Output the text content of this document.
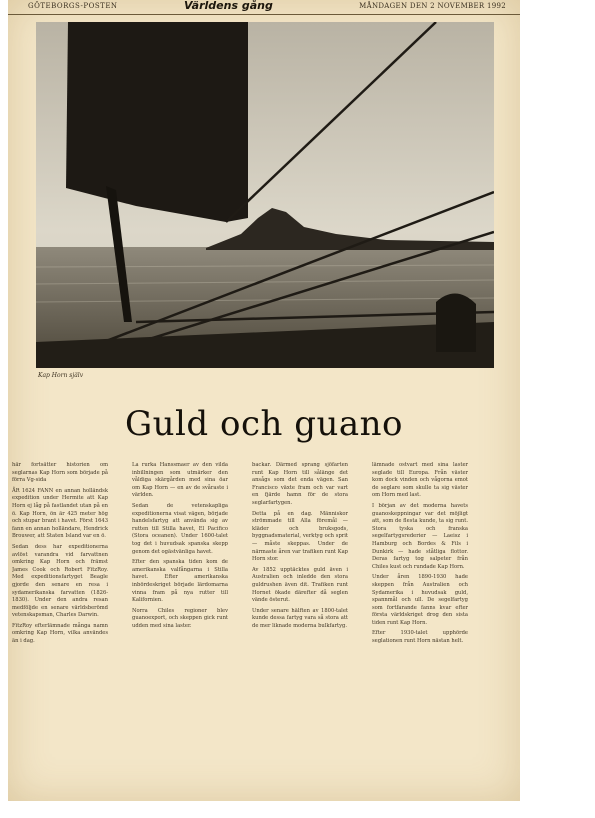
GÖTEBORGS-POSTEN	Världens gång	MÅNDAGEN DEN 2 NOVEMBER 1992
Kap Horn själv
Guld och guano

här fortsätter historien om seglarnas Kap Horn som började på förra Vg-sida

ÅR 1624 FANN en annan holländsk expedition under Hermite att Kap Horn ej låg på fastlandet utan på en ö. Kap Horn, ön är 425 meter hög och stupar brant i havet. Först 1643 fann en annan holländare, Hendrick Brouwer, att Staten Island var en ö.

Sedan dess har expeditionerna avlöst varandra vid farvattnen omkring Kap Horn och främst James Cook och Robert FitzRoy. Med expeditionsfartyget Beagle gjorde den senare en resa i sydamerikanska farvatten (1826-1830). Under den andra resan medföljde en senare världsberömd vetenskapsman, Charles Darwin.

FitzRoy efterlämnade många namn omkring Kap Horn, vilka användes än i dag.

La rurka Hanssmaer av den vilda inbillningen som utmärker den våldiga skärgården med sina öar om Kap Horn — en av de svåraste i världen.

Sedan de vetenskapliga expeditionerna visat vägen, började handelsfartyg att använda sig av rutten till Stilla havet, El Pacifico (Stora oceanen). Under 1600-talet tog det i huvudsak spanska skepp genom det ogästvänliga havet.

Efter den spanska tiden kom de amerikanska valfångarna i Stilla havet. Efter amerikanska inbördeskriget började lärdomarna vinna fram på nya rutter till Kalifornien.

Norra Chiles regioner blev guanoexport, och skeppen gick runt udden med sina laster.

backar. Därmed sprang sjöfarten runt Kap Horn till sålänge det ansågs som det enda vägen. San Francisco växte fram och var vart en fjärde hamn för de stora seglarfartygen.

Detta på en dag. Människor strömmade till Alla föremål — kläder och bruksgods, byggnadsmaterial, verktyg och sprit — måste skeppas. Under de närmaste åren var trafiken runt Kap Horn stor.

Av 1852 upptäcktes guld även i Australien och inledde den stora guldrushen även dit. Trafiken runt Hornet ökade därefter då seglen vände österut.

Under senare hälften av 1800-talet kunde dessa fartyg vara så stora att de mer liknade moderna bulkfartyg.

lämnade ostvart med sina laster seglade till Europa. Från väster kom dock vinden och vågorna emot de seglare som skulle ta sig väster om Horn med last.

I början av det moderna havets guanoskeppningar var det möjligt att, som de flesta kunde, ta sig runt. Stora tyska och franska segelfartygsrederier — Laeisz i Hamburg och Bordes & Fils i Dunkirk — hade ståtliga flottor. Deras fartyg tog salpeter från Chiles kust och rundade Kap Horn.

Under åren 1890-1930 hade skeppen från Australien och Sydamerika i huvudsak guld, spannmål och ull. De segelfartyg som fortfarande fanns kvar efter första världskriget drog den sista tiden runt Kap Horn.

Efter 1930-talet upphörde seglationen runt Horn nästan helt.
